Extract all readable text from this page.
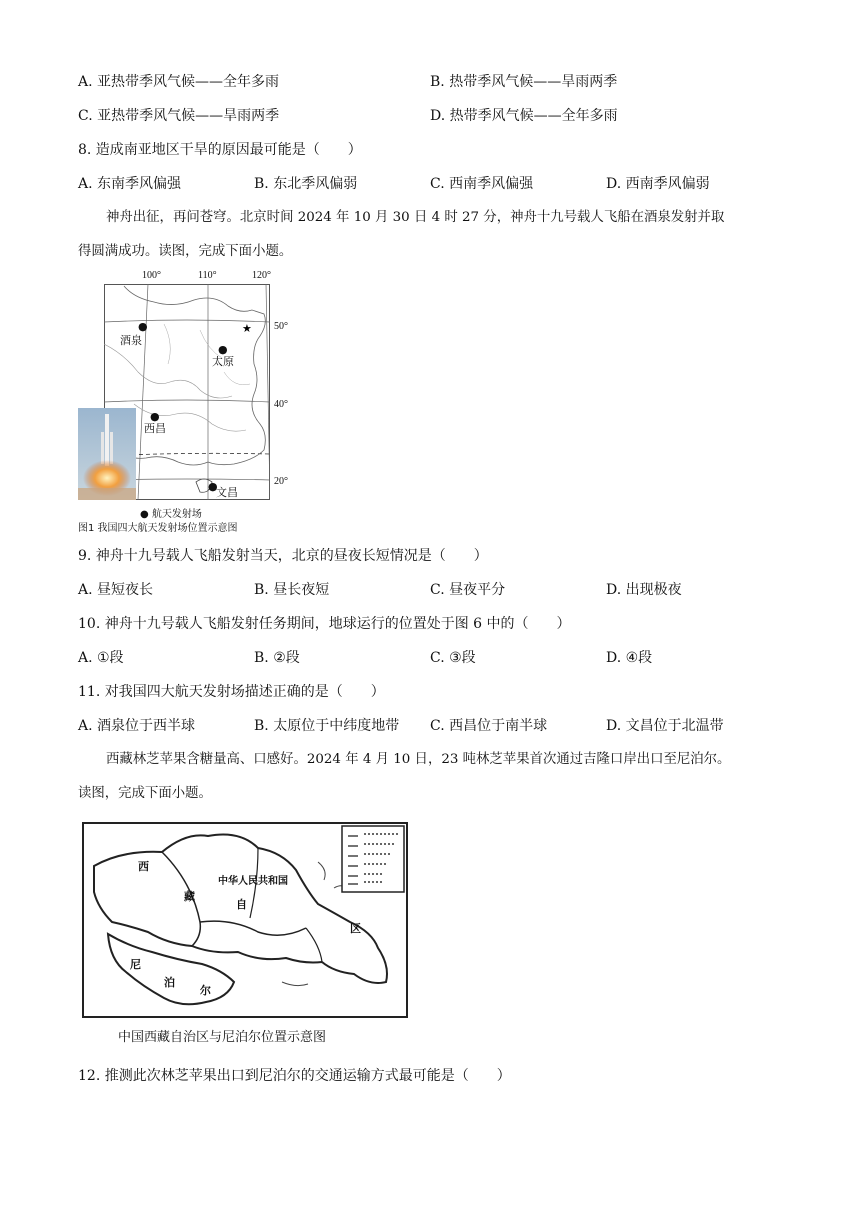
A. 亚热带季风气候——全年多雨	B. 热带季风气候——旱雨两季
C. 亚热带季风气候——旱雨两季	D. 热带季风气候——全年多雨
8. 造成南亚地区干旱的原因最可能是（　　）
A. 东南季风偏强	B. 东北季风偏弱	C. 西南季风偏强	D. 西南季风偏弱
神舟出征，再问苍穹。北京时间 2024 年 10 月 30 日 4 时 27 分，神舟十九号载人飞船在酒泉发射并取
得圆满成功。读图，完成下面小题。
100°	110°	120°
★ 50°
40°
20°
●
酒泉
●
太原
●
西昌
●
文昌
● 航天发射场
图1 我国四大航天发射场位置示意图
9. 神舟十九号载人飞船发射当天，北京的昼夜长短情况是（　　）
A. 昼短夜长	B. 昼长夜短	C. 昼夜平分	D. 出现极夜
10. 神舟十九号载人飞船发射任务期间，地球运行的位置处于图 6 中的（　　）
A. ①段	B. ②段	C. ③段	D. ④段
11. 对我国四大航天发射场描述正确的是（　　）
A. 酒泉位于西半球	B. 太原位于中纬度地带 C. 西昌位于南半球	D. 文昌位于北温带
西藏林芝苹果含糖量高、口感好。2024 年 4 月 10 日，23 吨林芝苹果首次通过吉隆口岸出口至尼泊尔。
读图，完成下面小题。
西
藏
自
区
中华人民共和国
尼
泊
尔
中国西藏自治区与尼泊尔位置示意图
12. 推测此次林芝苹果出口到尼泊尔的交通运输方式最可能是（　　）
